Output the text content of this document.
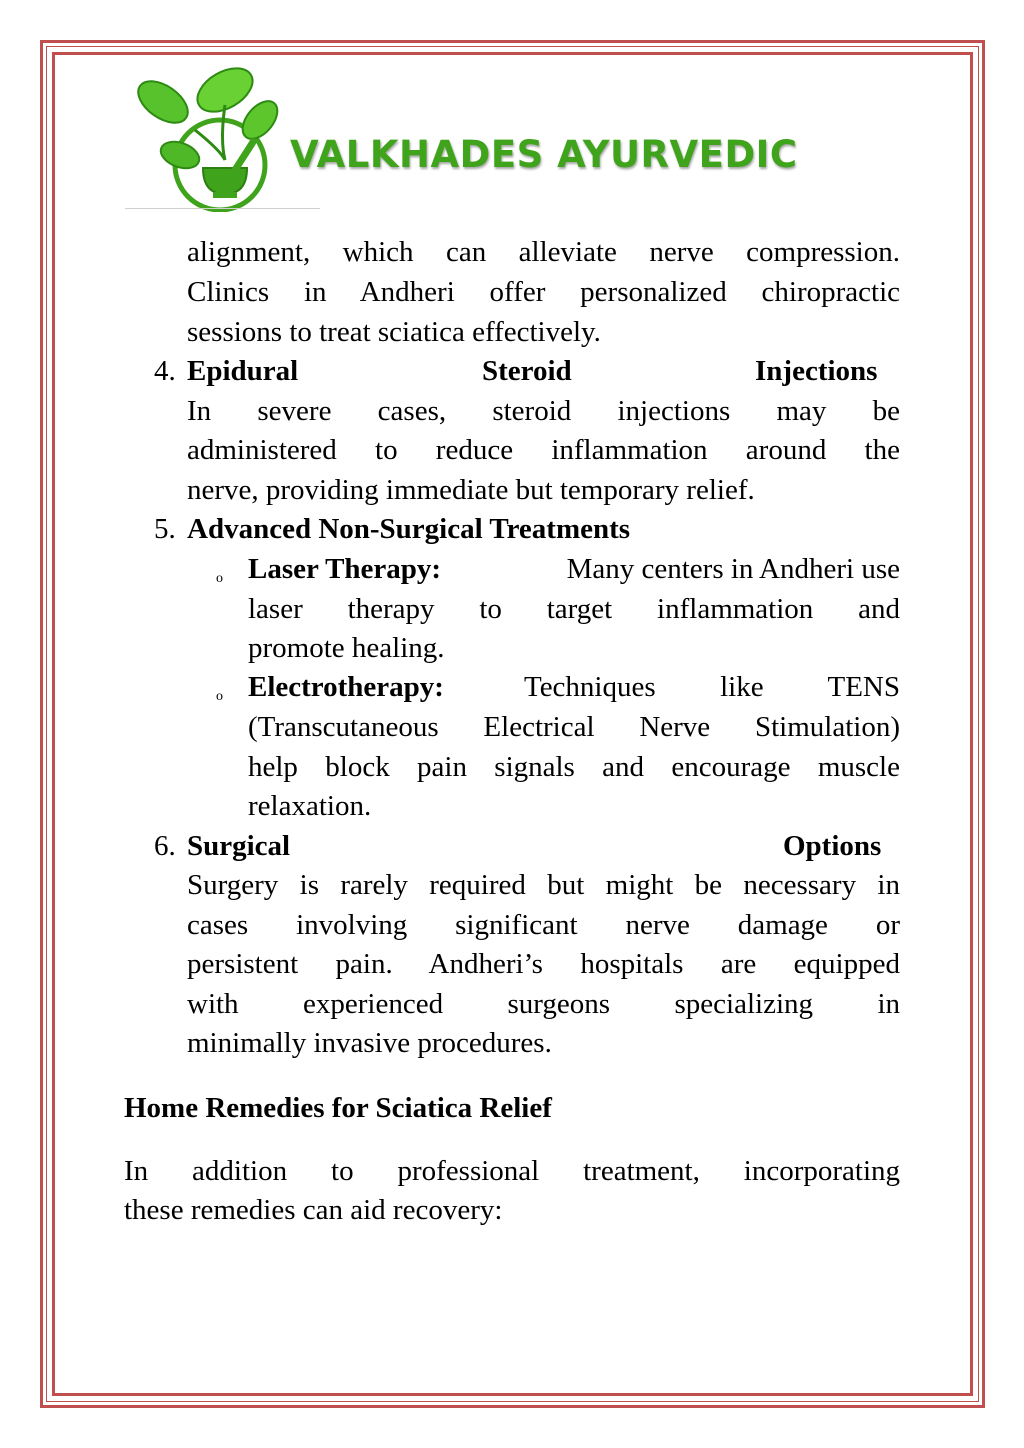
VALKHADES AYURVEDIC
alignment, which can alleviate nerve compression.
Clinics in Andheri offer personalized chiropractic
sessions to treat sciatica effectively.
4. Epidural	Steroid	Injections
In severe cases, steroid injections may be
administered to reduce inflammation around the
nerve, providing immediate but temporary relief.
5. Advanced Non-Surgical Treatments
o Laser Therapy:	Many centers in Andheri use
laser therapy to target inflammation and
promote healing.
o Electrotherapy:	Techniques like TENS
(Transcutaneous Electrical Nerve Stimulation)
help block pain signals and encourage muscle
relaxation.
6. Surgical	Options
Surgery is rarely required but might be necessary in
cases involving significant nerve damage or
persistent pain. Andheri’s hospitals are equipped
with experienced surgeons specializing in
minimally invasive procedures.
Home Remedies for Sciatica Relief
In addition to professional treatment, incorporating
these remedies can aid recovery:
